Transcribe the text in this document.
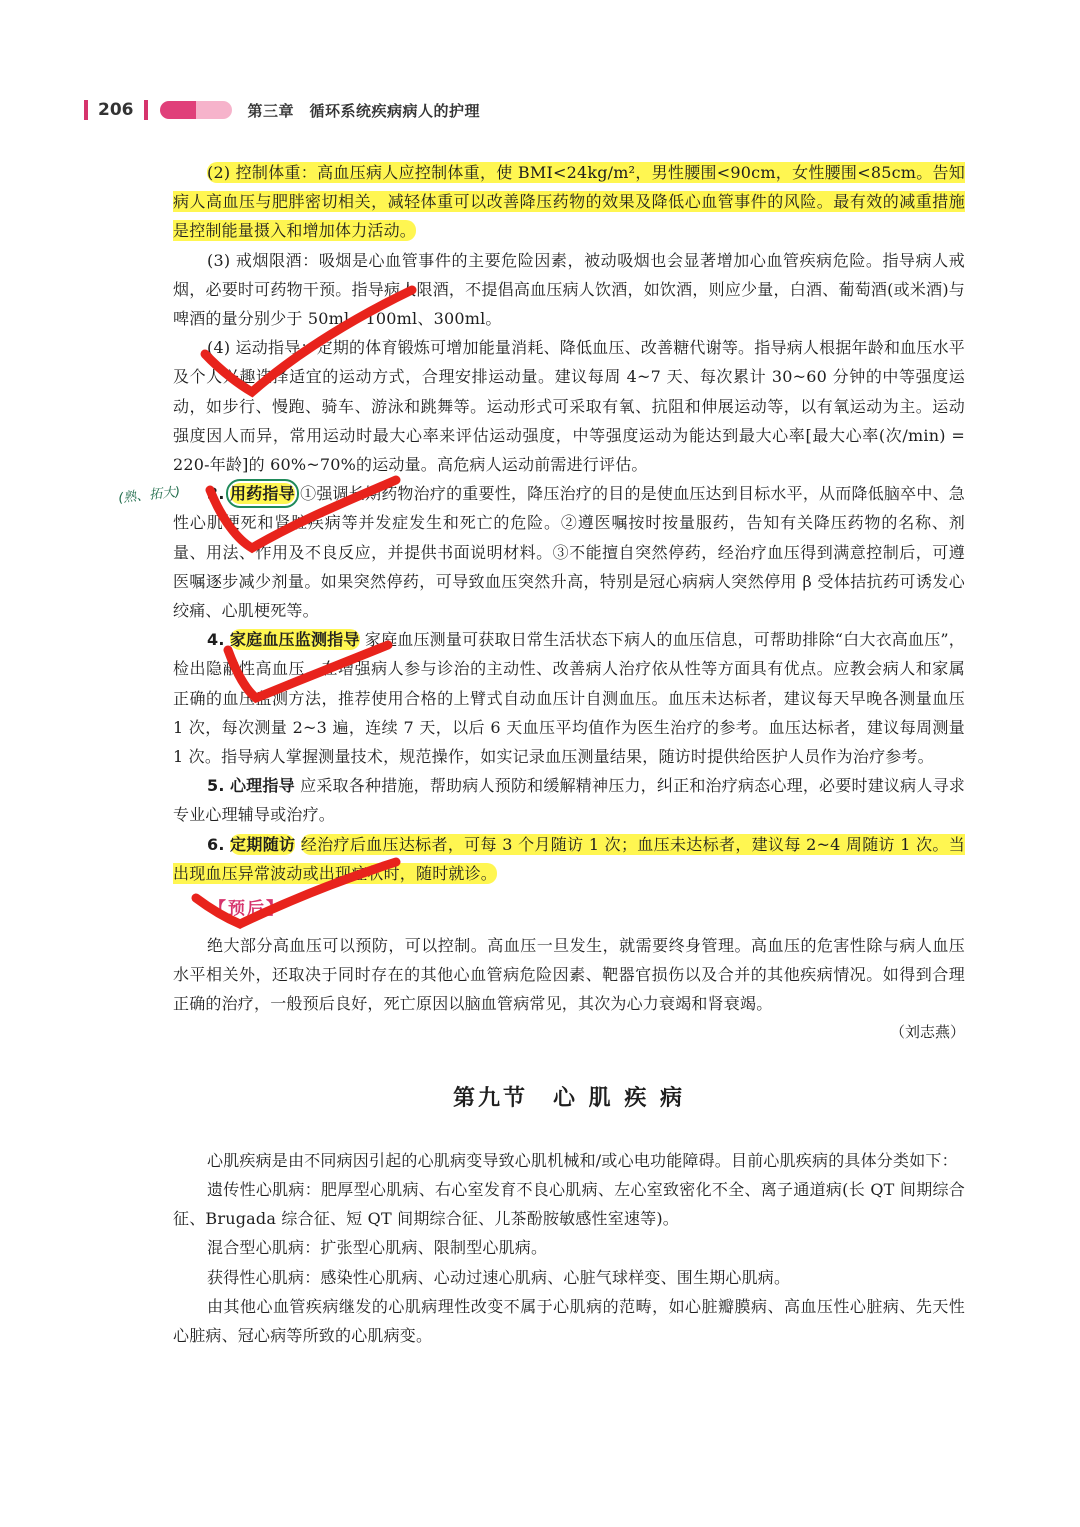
206	第三章　循环系统疾病病人的护理
(熟、拓大)

(2) 控制体重：高血压病人应控制体重，使 BMI<24kg/m²，男性腰围<90cm，女性腰围<85cm。告知病人高血压与肥胖密切相关，减轻体重可以改善降压药物的效果及降低心血管事件的风险。最有效的减重措施是控制能量摄入和增加体力活动。

(3) 戒烟限酒：吸烟是心血管事件的主要危险因素，被动吸烟也会显著增加心血管疾病危险。指导病人戒烟，必要时可药物干预。指导病人限酒，不提倡高血压病人饮酒，如饮酒，则应少量，白酒、葡萄酒(或米酒)与啤酒的量分别少于 50ml、100ml、300ml。

(4) 运动指导：定期的体育锻炼可增加能量消耗、降低血压、改善糖代谢等。指导病人根据年龄和血压水平及个人兴趣选择适宜的运动方式，合理安排运动量。建议每周 4~7 天、每次累计 30~60 分钟的中等强度运动，如步行、慢跑、骑车、游泳和跳舞等。运动形式可采取有氧、抗阻和伸展运动等，以有氧运动为主。运动强度因人而异，常用运动时最大心率来评估运动强度，中等强度运动为能达到最大心率[最大心率(次/min) = 220-年龄]的 60%~70%的运动量。高危病人运动前需进行评估。

3. 用药指导 ①强调长期药物治疗的重要性，降压治疗的目的是使血压达到目标水平，从而降低脑卒中、急性心肌梗死和肾脏疾病等并发症发生和死亡的危险。②遵医嘱按时按量服药，告知有关降压药物的名称、剂量、用法、作用及不良反应，并提供书面说明材料。③不能擅自突然停药，经治疗血压得到满意控制后，可遵医嘱逐步减少剂量。如果突然停药，可导致血压突然升高，特别是冠心病病人突然停用 β 受体拮抗药可诱发心绞痛、心肌梗死等。

4. 家庭血压监测指导 家庭血压测量可获取日常生活状态下病人的血压信息，可帮助排除“白大衣高血压”，检出隐蔽性高血压，在增强病人参与诊治的主动性、改善病人治疗依从性等方面具有优点。应教会病人和家属正确的血压监测方法，推荐使用合格的上臂式自动血压计自测血压。血压未达标者，建议每天早晚各测量血压 1 次，每次测量 2~3 遍，连续 7 天，以后 6 天血压平均值作为医生治疗的参考。血压达标者，建议每周测量 1 次。指导病人掌握测量技术，规范操作，如实记录血压测量结果，随访时提供给医护人员作为治疗参考。

5. 心理指导 应采取各种措施，帮助病人预防和缓解精神压力，纠正和治疗病态心理，必要时建议病人寻求专业心理辅导或治疗。

6. 定期随访 经治疗后血压达标者，可每 3 个月随访 1 次；血压未达标者，建议每 2~4 周随访 1 次。当出现血压异常波动或出现症状时，随时就诊。

【预后】

绝大部分高血压可以预防，可以控制。高血压一旦发生，就需要终身管理。高血压的危害性除与病人血压水平相关外，还取决于同时存在的其他心血管病危险因素、靶器官损伤以及合并的其他疾病情况。如得到合理正确的治疗，一般预后良好，死亡原因以脑血管病常见，其次为心力衰竭和肾衰竭。

（刘志燕）

第九节　心 肌 疾 病

心肌疾病是由不同病因引起的心肌病变导致心肌机械和/或心电功能障碍。目前心肌疾病的具体分类如下：

遗传性心肌病：肥厚型心肌病、右心室发育不良心肌病、左心室致密化不全、离子通道病(长 QT 间期综合征、Brugada 综合征、短 QT 间期综合征、儿茶酚胺敏感性室速等)。

混合型心肌病：扩张型心肌病、限制型心肌病。

获得性心肌病：感染性心肌病、心动过速心肌病、心脏气球样变、围生期心肌病。

由其他心血管疾病继发的心肌病理性改变不属于心肌病的范畴，如心脏瓣膜病、高血压性心脏病、先天性心脏病、冠心病等所致的心肌病变。
